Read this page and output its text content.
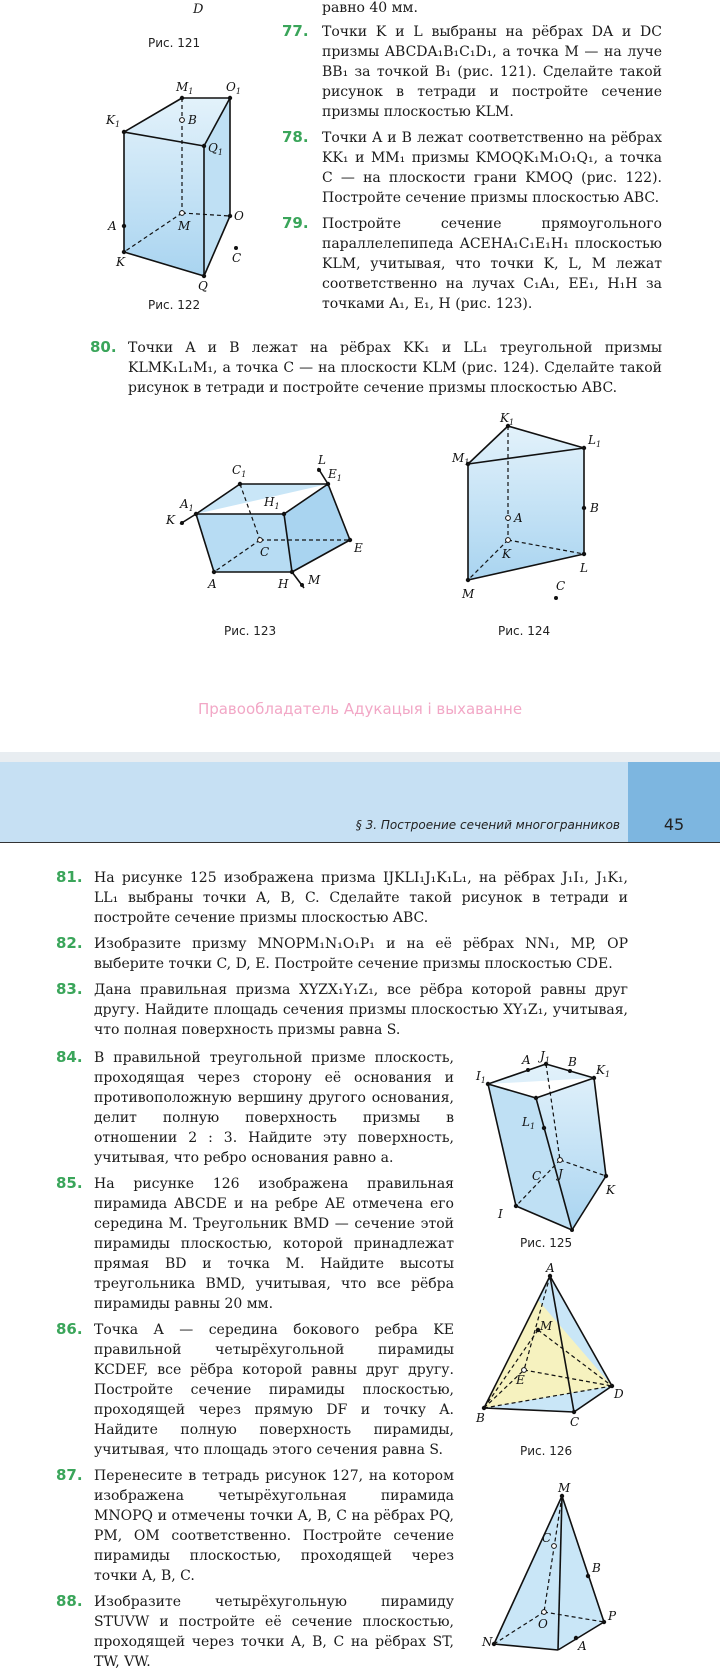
D	равно 40 мм.
77. Точки K и L выбраны на рёбрах DA и DC призмы ABCDA₁B₁C₁D₁, а точка M — на луче BB₁ за точкой B₁ (рис. 121). Сделайте такой рисунок в тетради и постройте сечение призмы плоскостью KLM.
78. Точки A и B лежат соответственно на рёбрах KK₁ и MM₁ призмы KMOQK₁M₁O₁Q₁, а точка C — на плоскости грани KMOQ (рис. 122). Постройте сечение призмы плоскостью ABC.
79. Постройте сечение прямоугольного параллелепипеда ACEHA₁C₁E₁H₁ плоскостью KLM, учитывая, что точки K, L, M лежат соответственно на лучах C₁A₁, EE₁, H₁H за точками A₁, E₁, H (рис. 123).
Рис. 121
$M_1$	$O_1$
$K_1$	B
$Q_1$
A	M
O
K
Q
C
Рис. 122
80. Точки A и B лежат на рёбрах KK₁ и LL₁ треугольной призмы KLMK₁L₁M₁, а точка C — на плоскости KLM (рис. 124). Сделайте такой рисунок в тетради и постройте сечение призмы плоскостью ABC.
$C_1$
L
$E_1$
$A_1$	$H_1$
K
C	E
A	H M
Рис. 123
$K_1$
$L_1$
$M_1$
B
A
K
L
C
M
Рис. 124
Правообладатель Адукацыя і выхаванне
§ 3. Построение сечений многогранников	45
81. На рисунке 125 изображена призма IJKLI₁J₁K₁L₁, на рёбрах J₁I₁, J₁K₁, LL₁ выбраны точки A, B, C. Сделайте такой рисунок в тетради и постройте сечение призмы плоскостью ABC.
82. Изобразите призму MNOPM₁N₁O₁P₁ и на её рёбрах NN₁, MP, OP выберите точки C, D, E. Постройте сечение призмы плоскостью CDE.
83. Дана правильная призма XYZX₁Y₁Z₁, все рёбра которой равны друг другу. Найдите площадь сечения призмы плоскостью XY₁Z₁, учитывая, что полная поверхность призмы равна S.
84. В правильной треугольной призме плоскость, проходящая через сторону её основания и противоположную вершину другого основания, делит полную поверхность призмы в отношении 2 : 3. Найдите эту поверхность, учитывая, что ребро основания равно a.
85. На рисунке 126 изображена правильная пирамида ABCDE и на ребре AE отмечена его середина M. Треугольник BMD — сечение этой пирамиды плоскостью, которой принадлежат прямая BD и точка M. Найдите высоты треугольника BMD, учитывая, что все рёбра пирамиды равны 20 мм.
86. Точка A — середина бокового ребра KE правильной четырёхугольной пирамиды KCDEF, все рёбра которой равны друг другу. Постройте сечение пирамиды плоскостью, проходящей через прямую DF и точку A. Найдите полную поверхность пирамиды, учитывая, что площадь этого сечения равна S.
87. Перенесите в тетрадь рисунок 127, на котором изображена четырёхугольная пирамида MNOPQ и отмечены точки A, B, C на рёбрах PQ, PM, OM соответственно. Постройте сечение пирамиды плоскостью, проходящей через точки A, B, C.
88. Изобразите четырёхугольную пирамиду STUVW и постройте её сечение плоскостью, проходящей через точки A, B, C на рёбрах ST, TW, VW.
A $J_1$ B
$I_1$
$K_1$
$L_1$
C J
I
K
Рис. 125
A
M
E
D
B	C
Рис. 126
M
C
B
O
P
N	A
